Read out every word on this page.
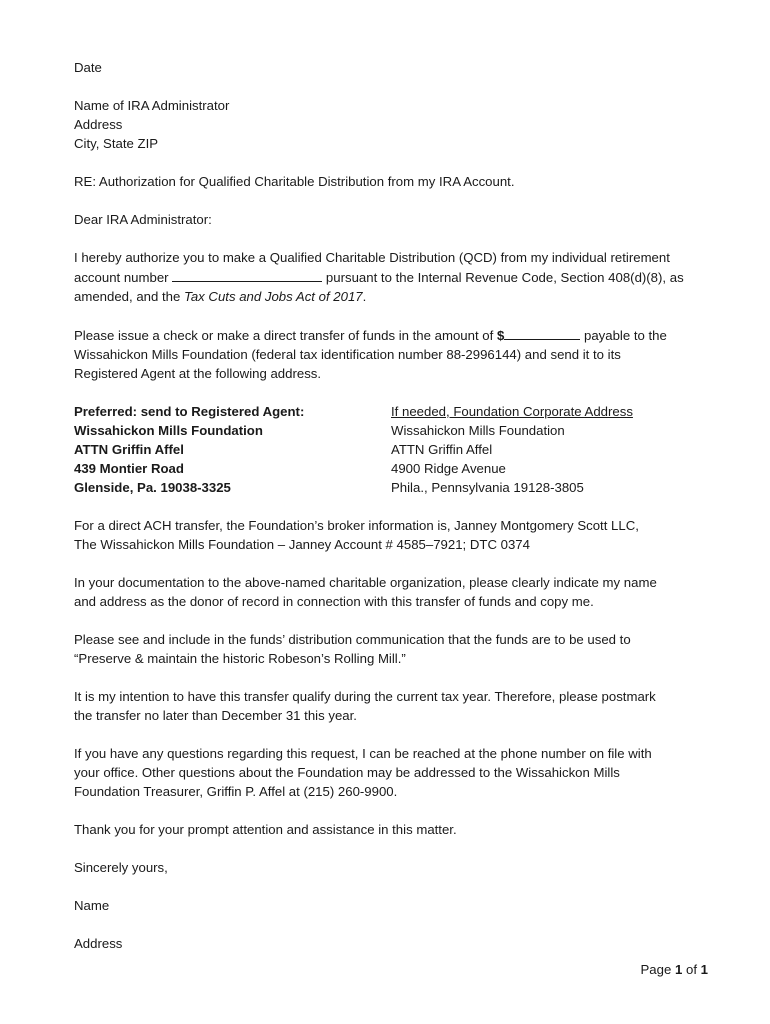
Date

Name of IRA Administrator
Address
City, State ZIP

RE: Authorization for Qualified Charitable Distribution from my IRA Account.

Dear IRA Administrator:

I hereby authorize you to make a Qualified Charitable Distribution (QCD) from my individual retirement
account number	pursuant to the Internal Revenue Code, Section 408(d)(8), as
amended, and the Tax Cuts and Jobs Act of 2017.

Please issue a check or make a direct transfer of funds in the amount of $	payable to the
Wissahickon Mills Foundation (federal tax identification number 88-2996144) and send it to its
Registered Agent at the following address.

Preferred: send to Registered Agent:
Wissahickon Mills Foundation
ATTN Griffin Affel
439 Montier Road
Glenside, Pa. 19038-3325
If needed, Foundation Corporate Address
Wissahickon Mills Foundation
ATTN Griffin Affel
4900 Ridge Avenue
Phila., Pennsylvania 19128-3805

For a direct ACH transfer, the Foundation’s broker information is, Janney Montgomery Scott LLC,
The Wissahickon Mills Foundation – Janney Account # 4585–7921; DTC 0374

In your documentation to the above-named charitable organization, please clearly indicate my name
and address as the donor of record in connection with this transfer of funds and copy me.

Please see and include in the funds’ distribution communication that the funds are to be used to
“Preserve & maintain the historic Robeson’s Rolling Mill.”

It is my intention to have this transfer qualify during the current tax year. Therefore, please postmark
the transfer no later than December 31 this year.

If you have any questions regarding this request, I can be reached at the phone number on file with
your office. Other questions about the Foundation may be addressed to the Wissahickon Mills
Foundation Treasurer, Griffin P. Affel at (215) 260-9900.

Thank you for your prompt attention and assistance in this matter.

Sincerely yours,

Name

Address

Page 1 of 1
